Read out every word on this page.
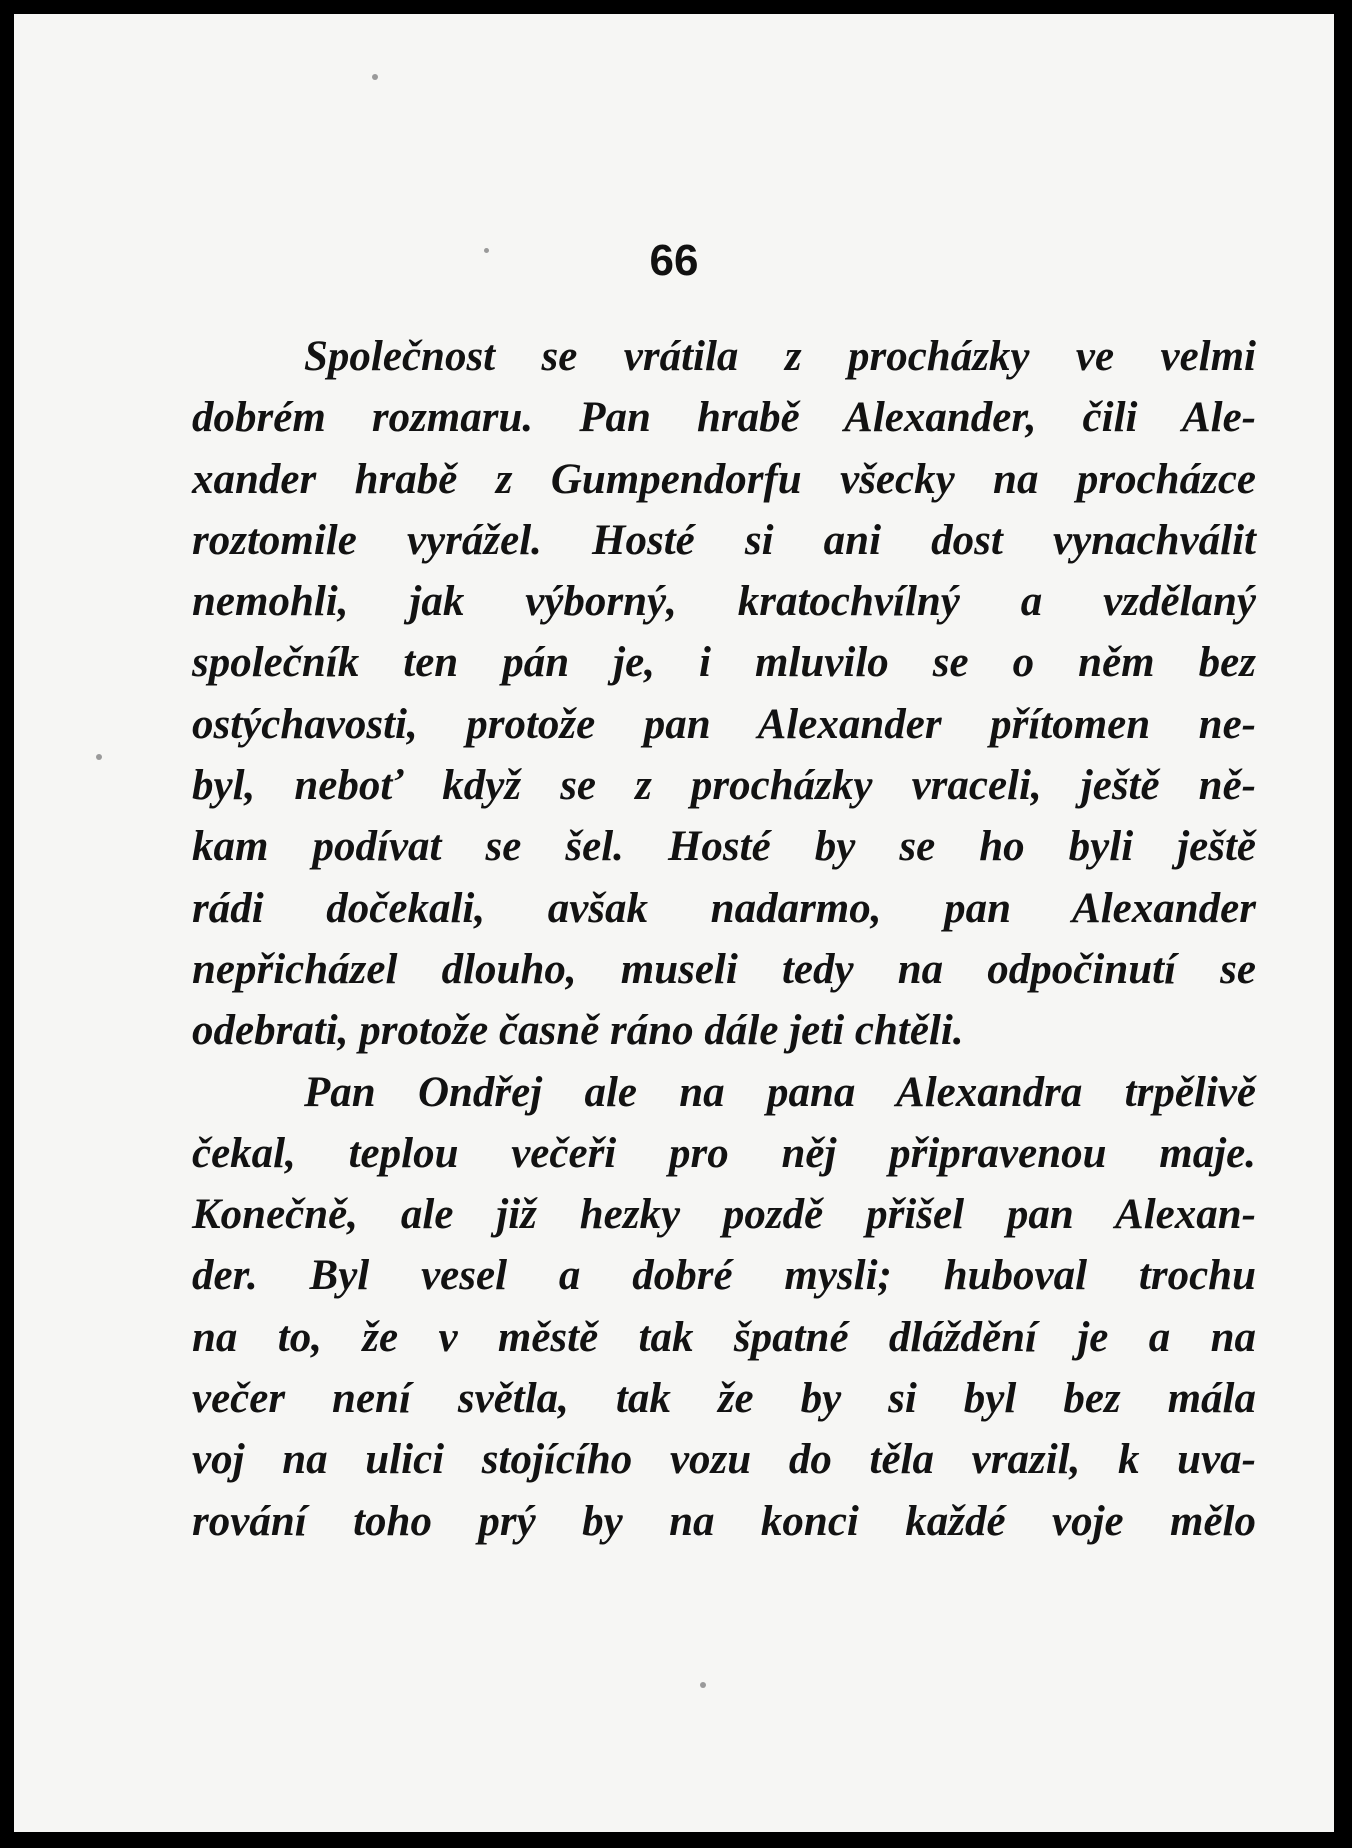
66
Společnost se vrátila z procházky ve velmi
dobrém rozmaru. Pan hrabě Alexander, čili Ale-
xander hrabě z Gumpendorfu všecky na procházce
roztomile vyrážel. Hosté si ani dost vynachválit
nemohli, jak výborný, kratochvílný a vzdělaný
společník ten pán je, i mluvilo se o něm bez
ostýchavosti, protože pan Alexander přítomen ne-
byl, neboť když se z procházky vraceli, ještě ně-
kam podívat se šel. Hosté by se ho byli ještě
rádi dočekali, avšak nadarmo, pan Alexander
nepřicházel dlouho, museli tedy na odpočinutí se
odebrati, protože časně ráno dále jeti chtěli.
Pan Ondřej ale na pana Alexandra trpělivě
čekal, teplou večeři pro něj připravenou maje.
Konečně, ale již hezky pozdě přišel pan Alexan-
der. Byl vesel a dobré mysli; huboval trochu
na to, že v městě tak špatné dláždění je a na
večer není světla, tak že by si byl bez mála
voj na ulici stojícího vozu do těla vrazil, k uva-
rování toho prý by na konci každé voje mělo
